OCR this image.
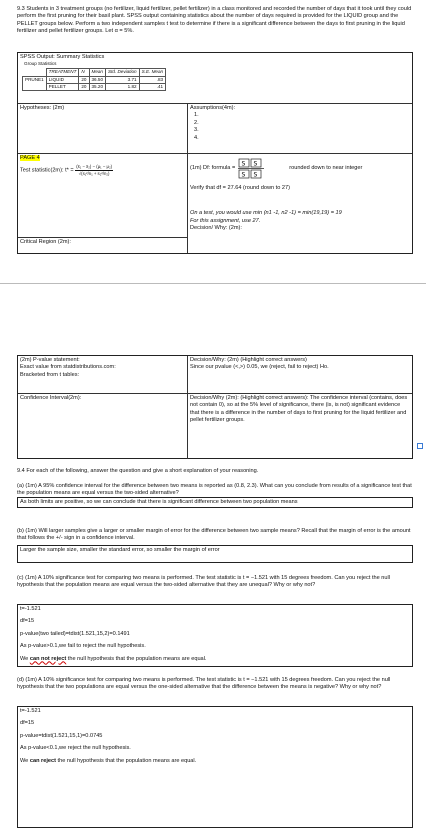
9.3 Students in 3 treatment groups (no fertilizer, liquid fertilizer, pellet fertilizer) in a class monitored and recorded the number of days that it took until they could perform the first pruning for their basil plant. SPSS output containing statistics about the number of days required is provided for the LIQUID group and the PELLET groups below. Perform a two independent samples t test to determine if there is a significant difference between the days to first pruning in the liquid fertilizer and pellet fertilizer groups. Let α = 5%.
SPSS Output: Summary Statistics
Group Statistics
	TREATMENT	N	Mean	Std. Deviation	S.E. Mean
PRUNE1	LIQUID	20	36.50	3.71	.83
	PELLET	20	35.20	1.82	.41
Hypotheses: (2m)
PAGE 4
Test statistic(2m): $t* = \frac{\text{(x̄₁ − x̄₂) − (μ₁ − μ₂)}}{\text{√(s₁²/n₁ + s₂²/n₂)}}$
Critical Region (2m):
Assumptions(4m):
1.
2.
3.
4.
(1m) Df: formula =
S S
S S
rounded down to near integer
Verify that df = 27.64 (round down to 27)
On a test, you would use min (n1 -1, n2 -1) = min(19,19) = 19
For this assignment, use 27.
Decision/ Why: (2m):
(2m) P-value statement:
Exact value from statdistributions.com:
Bracketed from t tables:
Decision/Why: (2m) (Highlight correct answers)
Since our pvalue (<,>) 0.05, we (reject, fail to reject) Ho.
Confidence Interval(2m):	Decision/Why (2m): (Highlight correct answers): The confidence interval (contains, does not contain 0), so at the 5% level of significance, there (is, is not) significant evidence that there is a difference in the number of days to first pruning for the liquid fertilizer and pellet fertilizer groups.
9.4 For each of the following, answer the question and give a short explanation of your reasoning.
(a) (1m) A 95% confidence interval for the difference between two means is reported as (0.8, 2.3). What can you conclude from results of a significance test that the population means are equal versus the two-sided alternative?

As both limits are positive, so we can conclude that there is significant difference between two population means

(b) (1m) Will larger samples give a larger or smaller margin of error for the difference between two sample means? Recall that the margin of error is the amount that follows the +/- sign in a confidence interval.

Larger the sample size, smaller the standard error, so smaller the margin of error

(c) (1m) A 10% significance test for comparing two means is performed. The test statistic is t = −1.521 with 15 degrees freedom. Can you reject the null hypothesis that the population means are equal versus the two-sided alternative that they are unequal? Why or why not?

t=-1.521

df=15

p-value(two tailed)=tdist(1.521,15,2)=0.1491

As p-value>0.1,we fail to reject the null hypothesis.

We can not reject the null hypothesis that the population means are equal.

(d) (1m) A 10% significance test for comparing two means is performed. The test statistic is t = −1.521 with 15 degrees freedom. Can you reject the null hypothesis that the two populations are equal versus the one-sided alternative that the difference between the means is negative? Why or why not?

t=-1.521

df=15

p-value=tdist(1.521,15,1)=0.0745

As p-value<0.1,we reject the null hypothesis.

We can reject the null hypothesis that the population means are equal.
